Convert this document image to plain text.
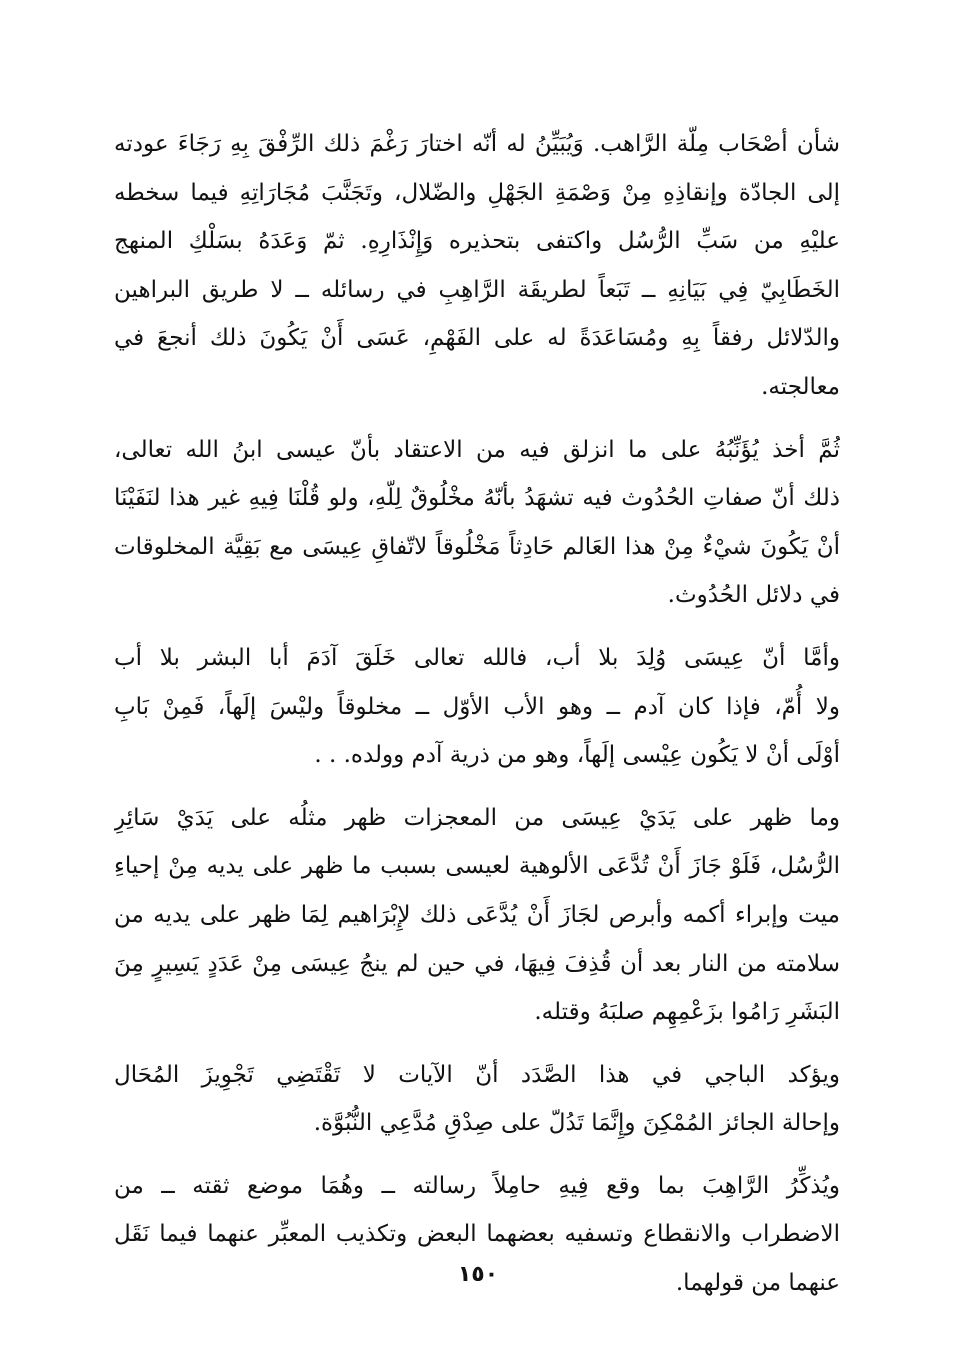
شأن أصْحَاب مِلّة الرَّاهب. وَيُبَيِّنُ له أنّه اختارَ رَغْمَ ذلك الرِّفْقَ بِهِ رَجَاءَ عودته
إلى الجادّة وإنقاذِهِ مِنْ وَصْمَةِ الجَهْلِ والضّلال، وتَجَنَّبَ مُجَارَاتِهِ فيما سخطه
عليْهِ من سَبِّ الرُّسُل واكتفى بتحذيره وَإِنْذَارِهِ. ثمّ وَعَدَهُ بسَلْكِ المنهج
الخَطَابِيّ فِي بَيَانِهِ ــ تَبَعاً لطريقَة الرَّاهِبِ في رسائله ــ لا طريق البراهين
والدّلائل رفقاً بِهِ ومُسَاعَدَةً له على الفَهْمِ، عَسَى أَنْ يَكُونَ ذلك أنجعَ في
معالجته.
ثُمَّ أخذ يُؤَنِّبُهُ على ما انزلق فيه من الاعتقاد بأنّ عيسى ابنُ الله تعالى،
ذلك أنّ صفاتِ الحُدُوث فيه تشهَدُ بأنّهُ مخْلُوقٌ لِلّهِ، ولو قُلْنَا فِيهِ غير هذا لنَفَيْنَا
أنْ يَكُونَ شيْءٌ مِنْ هذا العَالم حَادِثاً مَخْلُوقاً لاتّفاقِ عِيسَى مع بَقِيَّة المخلوقات
في دلائل الحُدُوث.
وأمَّا أنّ عِيسَى وُلِدَ بلا أب، فالله تعالى خَلَقَ آدَمَ أبا البشر بلا أب
ولا أُمّ، فإذا كان آدم ــ وهو الأب الأوّل ــ مخلوقاً وليْسَ إلَهاً، فَمِنْ بَابِ
أوْلَى أنْ لا يَكُون عِيْسى إلَهاً، وهو من ذرية آدم وولده. . .
وما ظهر على يَدَيْ عِيسَى من المعجزات ظهر مثلُه على يَدَيْ سَائِرِ
الرُّسُل، فَلَوْ جَازَ أَنْ تُدَّعَى الألوهية لعيسى بسبب ما ظهر على يديه مِنْ إحياءِ
ميت وإبراء أكمه وأبرص لجَازَ أَنْ يُدَّعَى ذلك لإِبْرَاهيم لِمَا ظهر على يديه من
سلامته من النار بعد أن قُذِفَ فِيهَا، في حين لم ينجُ عِيسَى مِنْ عَدَدٍ يَسِيرٍ مِنَ
البَشَرِ رَامُوا بزَعْمِهِم صلبَهُ وقتله.
ويؤكد الباجي في هذا الصَّدَد أنّ الآيات لا تَقْتَضِي تَجْوِيزَ المُحَال
وإحالة الجائز المُمْكِنَ وإِنَّمَا تَدُلّ على صِدْقِ مُدَّعِي النُّبُوَّة.
ويُذكِّرُ الرَّاهِبَ بما وقع فِيهِ حامِلاً رسالته ــ وهُمَا موضع ثقته ــ من
الاضطراب والانقطاع وتسفيه بعضهما البعض وتكذيب المعبِّر عنهما فيما نَقَل
عنهما من قولهما.
١٥٠
